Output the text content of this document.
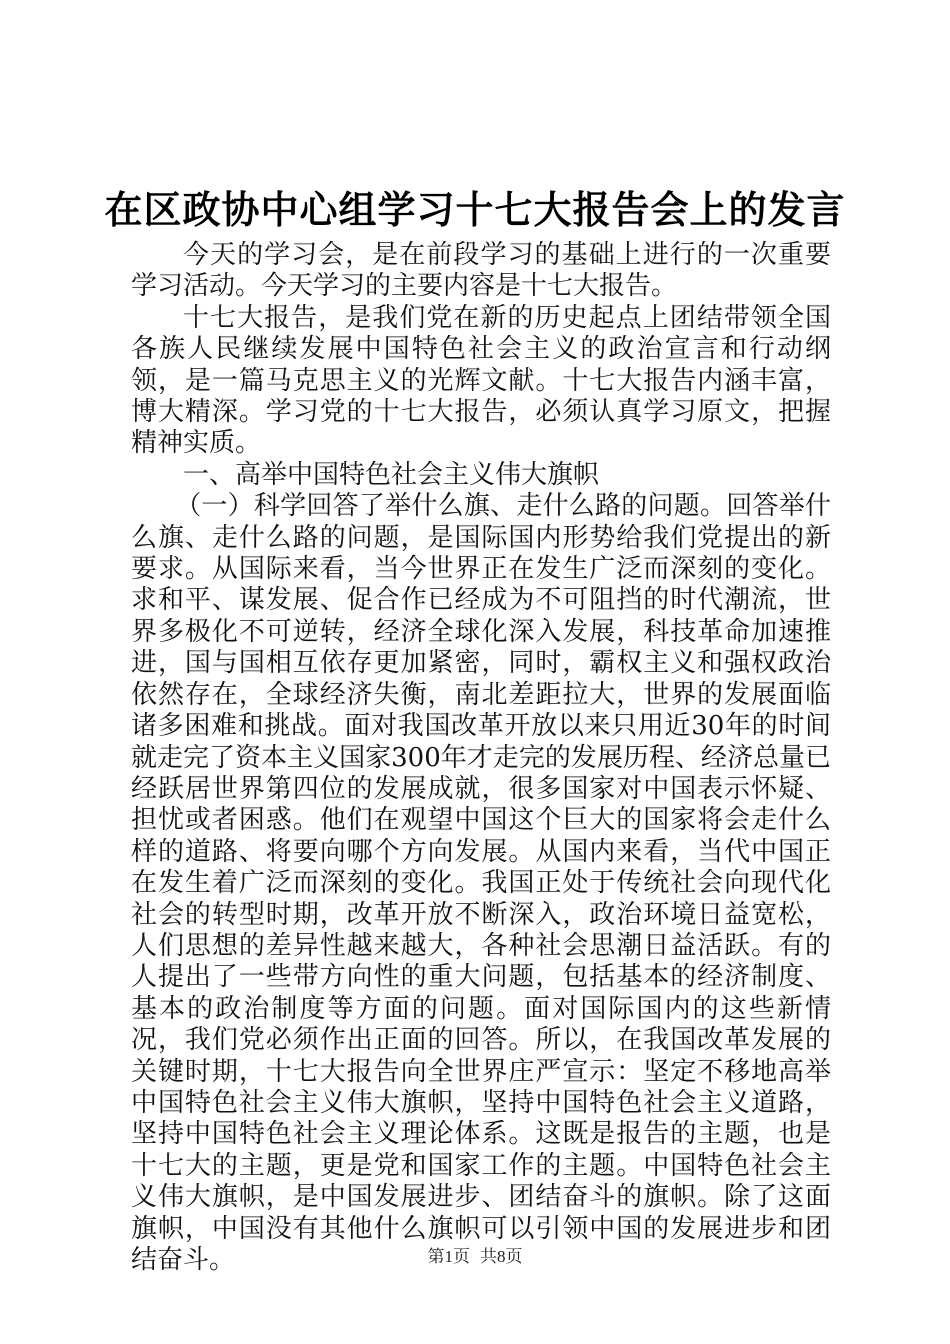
在区政协中心组学习十七大报告会上的发言

今天的学习会，是在前段学习的基础上进行的一次重要学习活动。今天学习的主要内容是十七大报告。

十七大报告，是我们党在新的历史起点上团结带领全国各族人民继续发展中国特色社会主义的政治宣言和行动纲领，是一篇马克思主义的光辉文献。十七大报告内涵丰富，博大精深。学习党的十七大报告，必须认真学习原文，把握精神实质。

一、高举中国特色社会主义伟大旗帜

（一）科学回答了举什么旗、走什么路的问题。回答举什么旗、走什么路的问题，是国际国内形势给我们党提出的新要求。从国际来看，当今世界正在发生广泛而深刻的变化。求和平、谋发展、促合作已经成为不可阻挡的时代潮流，世界多极化不可逆转，经济全球化深入发展，科技革命加速推进，国与国相互依存更加紧密，同时，霸权主义和强权政治依然存在，全球经济失衡，南北差距拉大，世界的发展面临诸多困难和挑战。面对我国改革开放以来只用近30年的时间就走完了资本主义国家300年才走完的发展历程、经济总量已经跃居世界第四位的发展成就，很多国家对中国表示怀疑、担忧或者困惑。他们在观望中国这个巨大的国家将会走什么样的道路、将要向哪个方向发展。从国内来看，当代中国正在发生着广泛而深刻的变化。我国正处于传统社会向现代化社会的转型时期，改革开放不断深入，政治环境日益宽松，人们思想的差异性越来越大，各种社会思潮日益活跃。有的人提出了一些带方向性的重大问题，包括基本的经济制度、基本的政治制度等方面的问题。面对国际国内的这些新情况，我们党必须作出正面的回答。所以，在我国改革发展的关键时期，十七大报告向全世界庄严宣示：坚定不移地高举中国特色社会主义伟大旗帜，坚持中国特色社会主义道路，坚持中国特色社会主义理论体系。这既是报告的主题，也是十七大的主题，更是党和国家工作的主题。中国特色社会主义伟大旗帜，是中国发展进步、团结奋斗的旗帜。除了这面旗帜，中国没有其他什么旗帜可以引领中国的发展进步和团结奋斗。	第1页 共8页
